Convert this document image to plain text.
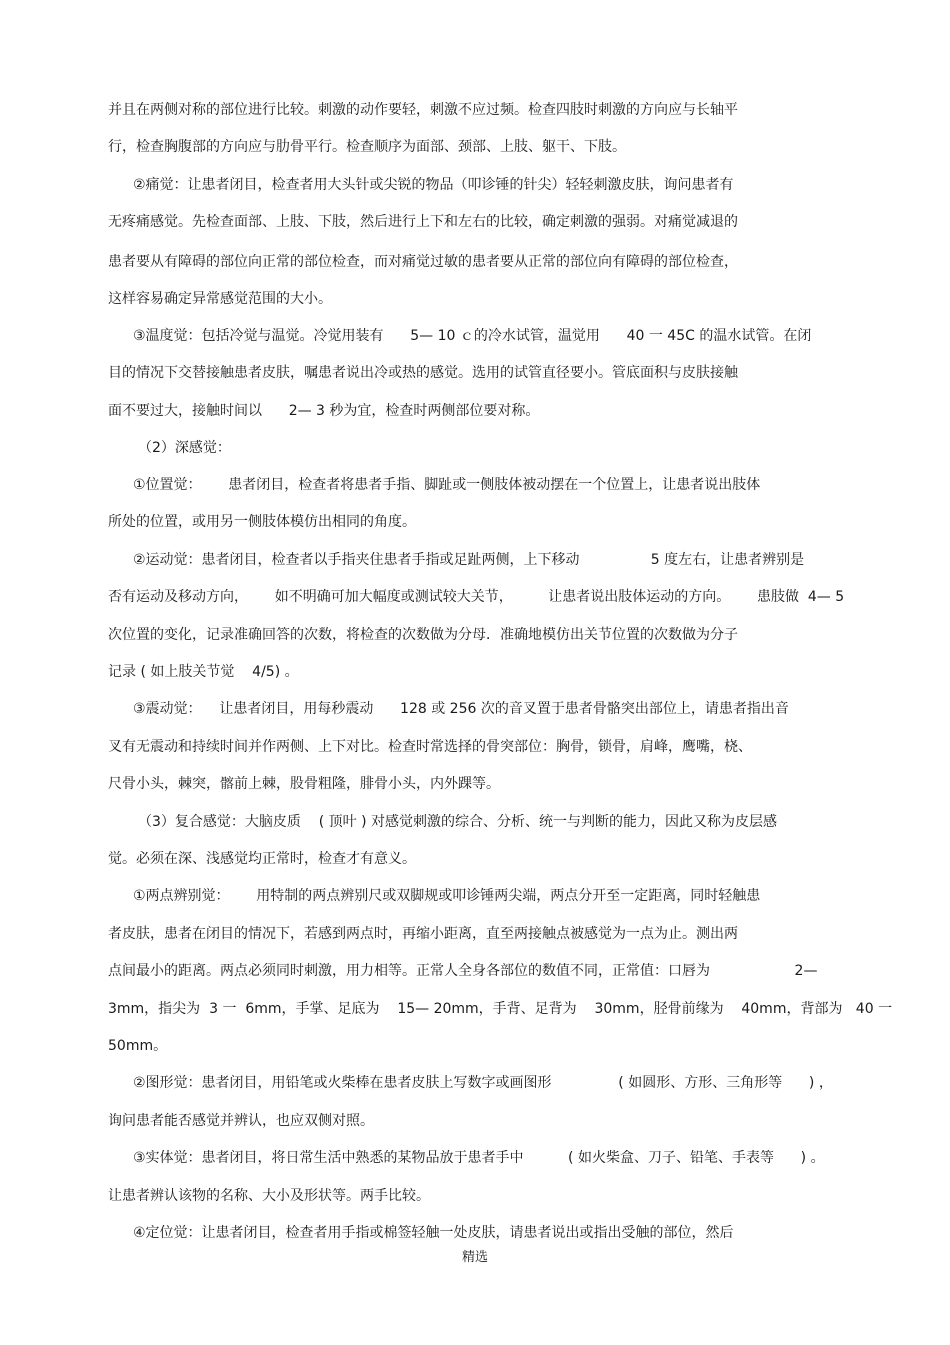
并且在两侧对称的部位进行比较。刺激的动作要轻，刺激不应过频。检查四肢时刺激的方向应与长轴平
行，检查胸腹部的方向应与肋骨平行。检查顺序为面部、颈部、上肢、躯干、下肢。
②痛觉：让患者闭目，检查者用大头针或尖锐的物品（叩诊锤的针尖）轻轻刺激皮肤，询问患者有
无疼痛感觉。先检查面部、上肢、下肢，然后进行上下和左右的比较，确定刺激的强弱。对痛觉减退的
患者要从有障碍的部位向正常的部位检查，而对痛觉过敏的患者要从正常的部位向有障碍的部位检查，
这样容易确定异常感觉范围的大小。
③温度觉：包括冷觉与温觉。冷觉用装有      5— 10 ｃ的冷水试管，温觉用      40 一 45C 的温水试管。在闭
目的情况下交替接触患者皮肤，嘱患者说出冷或热的感觉。选用的试管直径要小。管底面积与皮肤接触
面不要过大，接触时间以      2— 3 秒为宜，检查时两侧部位要对称。
（2）深感觉：
①位置觉：      患者闭目，检查者将患者手指、脚趾或一侧肢体被动摆在一个位置上，让患者说出肢体
所处的位置，或用另一侧肢体模仿出相同的角度。
②运动觉：患者闭目，检查者以手指夹住患者手指或足趾两侧，上下移动                5 度左右，让患者辨别是
否有运动及移动方向，      如不明确可加大幅度或测试较大关节，        让患者说出肢体运动的方向。      患肢做  4— 5
次位置的变化，记录准确回答的次数，将检查的次数做为分母．准确地模仿出关节位置的次数做为分子
记录 ( 如上肢关节觉    4/5) 。
③震动觉：    让患者闭目，用每秒震动      128 或 256 次的音叉置于患者骨骼突出部位上，请患者指出音
叉有无震动和持续时间并作两侧、上下对比。检查时常选择的骨突部位：胸骨，锁骨，肩峰，鹰嘴，桡、
尺骨小头，棘突，髂前上棘，股骨粗隆，腓骨小头，内外踝等。
（3）复合感觉：大脑皮质    ( 顶叶 ) 对感觉刺激的综合、分析、统一与判断的能力，因此又称为皮层感
觉。必须在深、浅感觉均正常时，检查才有意义。
①两点辨别觉：      用特制的两点辨别尺或双脚规或叩诊锤两尖端，两点分开至一定距离，同时轻触患
者皮肤，患者在闭目的情况下，若感到两点时，再缩小距离，直至两接触点被感觉为一点为止。测出两
点间最小的距离。两点必须同时刺激，用力相等。正常人全身各部位的数值不同，正常值：口唇为                   2—
3mm，指尖为  3 一  6mm，手掌、足底为    15— 20mm，手背、足背为    30mm，胫骨前缘为    40mm，背部为   40 一
50mm。
②图形觉：患者闭目，用铅笔或火柴棒在患者皮肤上写数字或画图形               ( 如圆形、方形、三角形等      ) ，
询问患者能否感觉并辨认，也应双侧对照。
③实体觉：患者闭目，将日常生活中熟悉的某物品放于患者手中          ( 如火柴盒、刀子、铅笔、手表等      ) 。
让患者辨认该物的名称、大小及形状等。两手比较。
④定位觉：让患者闭目，检查者用手指或棉签轻触一处皮肤，请患者说出或指出受触的部位，然后
精选
